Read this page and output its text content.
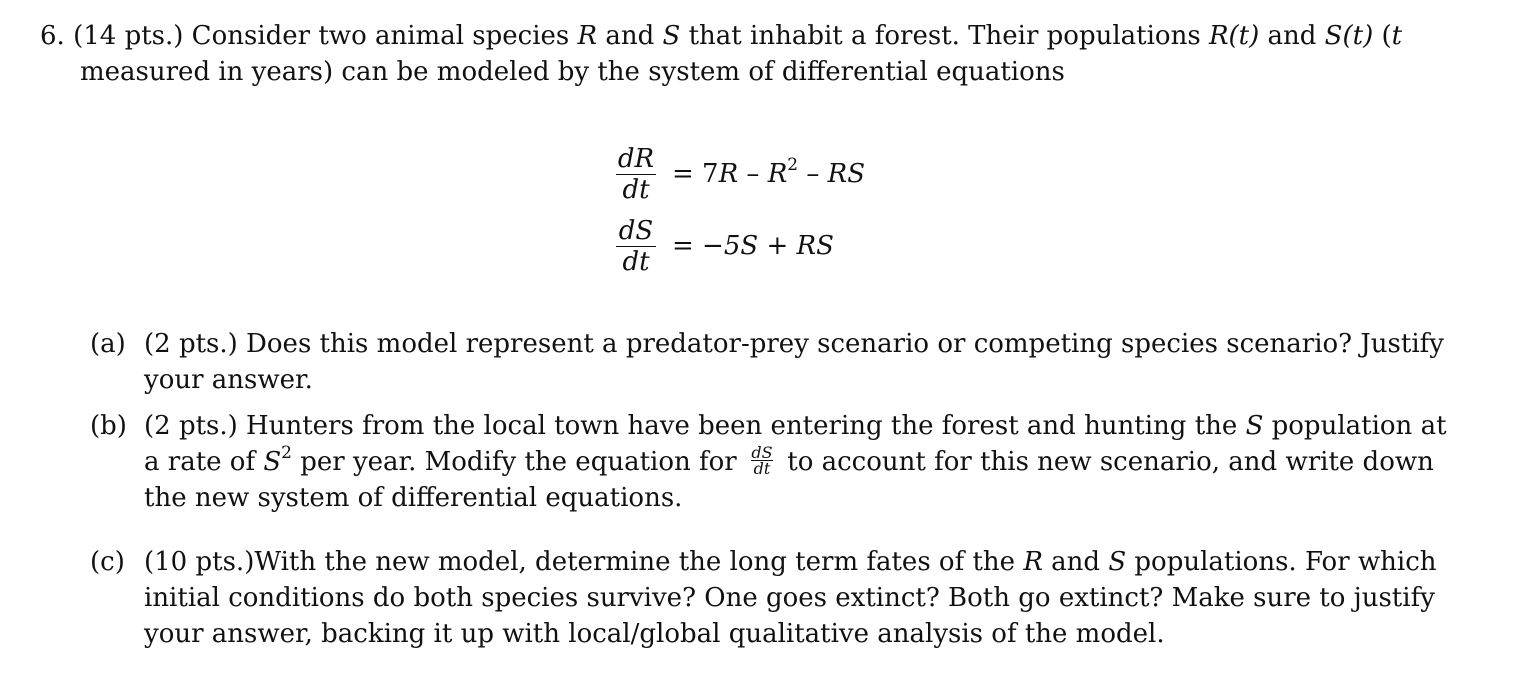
6. (14 pts.) Consider two animal species R and S that inhabit a forest. Their populations R(t) and S(t) (t
measured in years) can be modeled by the system of differential equations
$\frac{dR}{dt} = 7R - R^2$ – RS
$\frac{dS}{dt} = -5S$ + RS
(a) (2 pts.) Does this model represent a predator-prey scenario or competing species scenario? Justify
your answer.
(b) (2 pts.) Hunters from the local town have been entering the forest and hunting the S population at
a rate of $S^2$ per year. Modify the equation for $\frac{dS}{dt}$ to account for this new scenario, and write down
the new system of differential equations.
(c) (10 pts.)With the new model, determine the long term fates of the R and S populations. For which
initial conditions do both species survive? One goes extinct? Both go extinct? Make sure to justify
your answer, backing it up with local/global qualitative analysis of the model.
